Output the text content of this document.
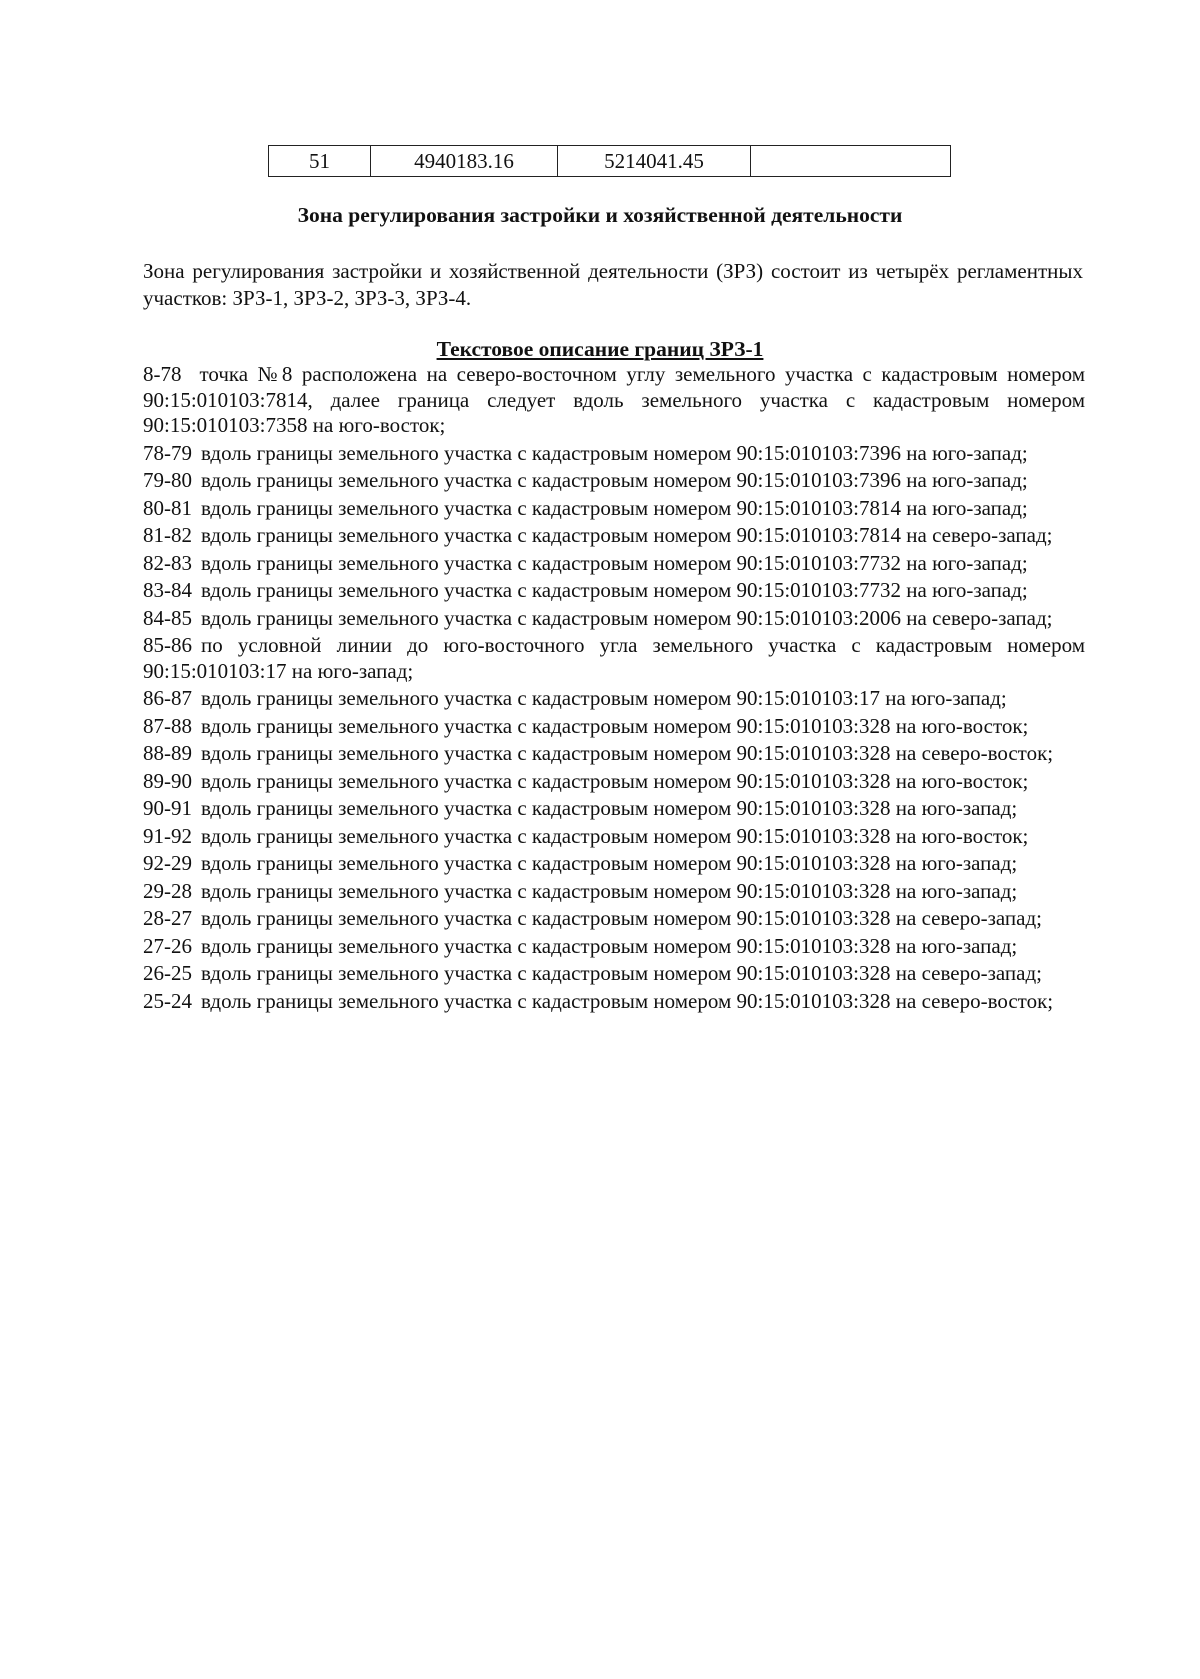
51	4940183.16	5214041.45	
Зона регулирования застройки и хозяйственной деятельности

Зона регулирования застройки и хозяйственной деятельности (ЗРЗ) состоит из четырёх регламентных участков: ЗРЗ-1, ЗРЗ-2, ЗРЗ-3, ЗРЗ-4.

Текстовое описание границ ЗРЗ-1
8-78 точка №8 расположена на северо-восточном углу земельного участка с кадастровым номером 90:15:010103:7814, далее граница следует вдоль земельного участка с кадастровым номером 90:15:010103:7358 на юго-восток;
78-79 вдоль границы земельного участка с кадастровым номером 90:15:010103:7396 на юго-запад;
79-80 вдоль границы земельного участка с кадастровым номером 90:15:010103:7396 на юго-запад;
80-81 вдоль границы земельного участка с кадастровым номером 90:15:010103:7814 на юго-запад;
81-82 вдоль границы земельного участка с кадастровым номером 90:15:010103:7814 на северо-запад;
82-83 вдоль границы земельного участка с кадастровым номером 90:15:010103:7732 на юго-запад;
83-84 вдоль границы земельного участка с кадастровым номером 90:15:010103:7732 на юго-запад;
84-85 вдоль границы земельного участка с кадастровым номером 90:15:010103:2006 на северо-запад;
85-86 по условной линии до юго-восточного угла земельного участка с кадастровым номером 90:15:010103:17 на юго-запад;
86-87 вдоль границы земельного участка с кадастровым номером 90:15:010103:17 на юго-запад;
87-88 вдоль границы земельного участка с кадастровым номером 90:15:010103:328 на юго-восток;
88-89 вдоль границы земельного участка с кадастровым номером 90:15:010103:328 на северо-восток;
89-90 вдоль границы земельного участка с кадастровым номером 90:15:010103:328 на юго-восток;
90-91 вдоль границы земельного участка с кадастровым номером 90:15:010103:328 на юго-запад;
91-92 вдоль границы земельного участка с кадастровым номером 90:15:010103:328 на юго-восток;
92-29 вдоль границы земельного участка с кадастровым номером 90:15:010103:328 на юго-запад;
29-28 вдоль границы земельного участка с кадастровым номером 90:15:010103:328 на юго-запад;
28-27 вдоль границы земельного участка с кадастровым номером 90:15:010103:328 на северо-запад;
27-26 вдоль границы земельного участка с кадастровым номером 90:15:010103:328 на юго-запад;
26-25 вдоль границы земельного участка с кадастровым номером 90:15:010103:328 на северо-запад;
25-24 вдоль границы земельного участка с кадастровым номером 90:15:010103:328 на северо-восток;
